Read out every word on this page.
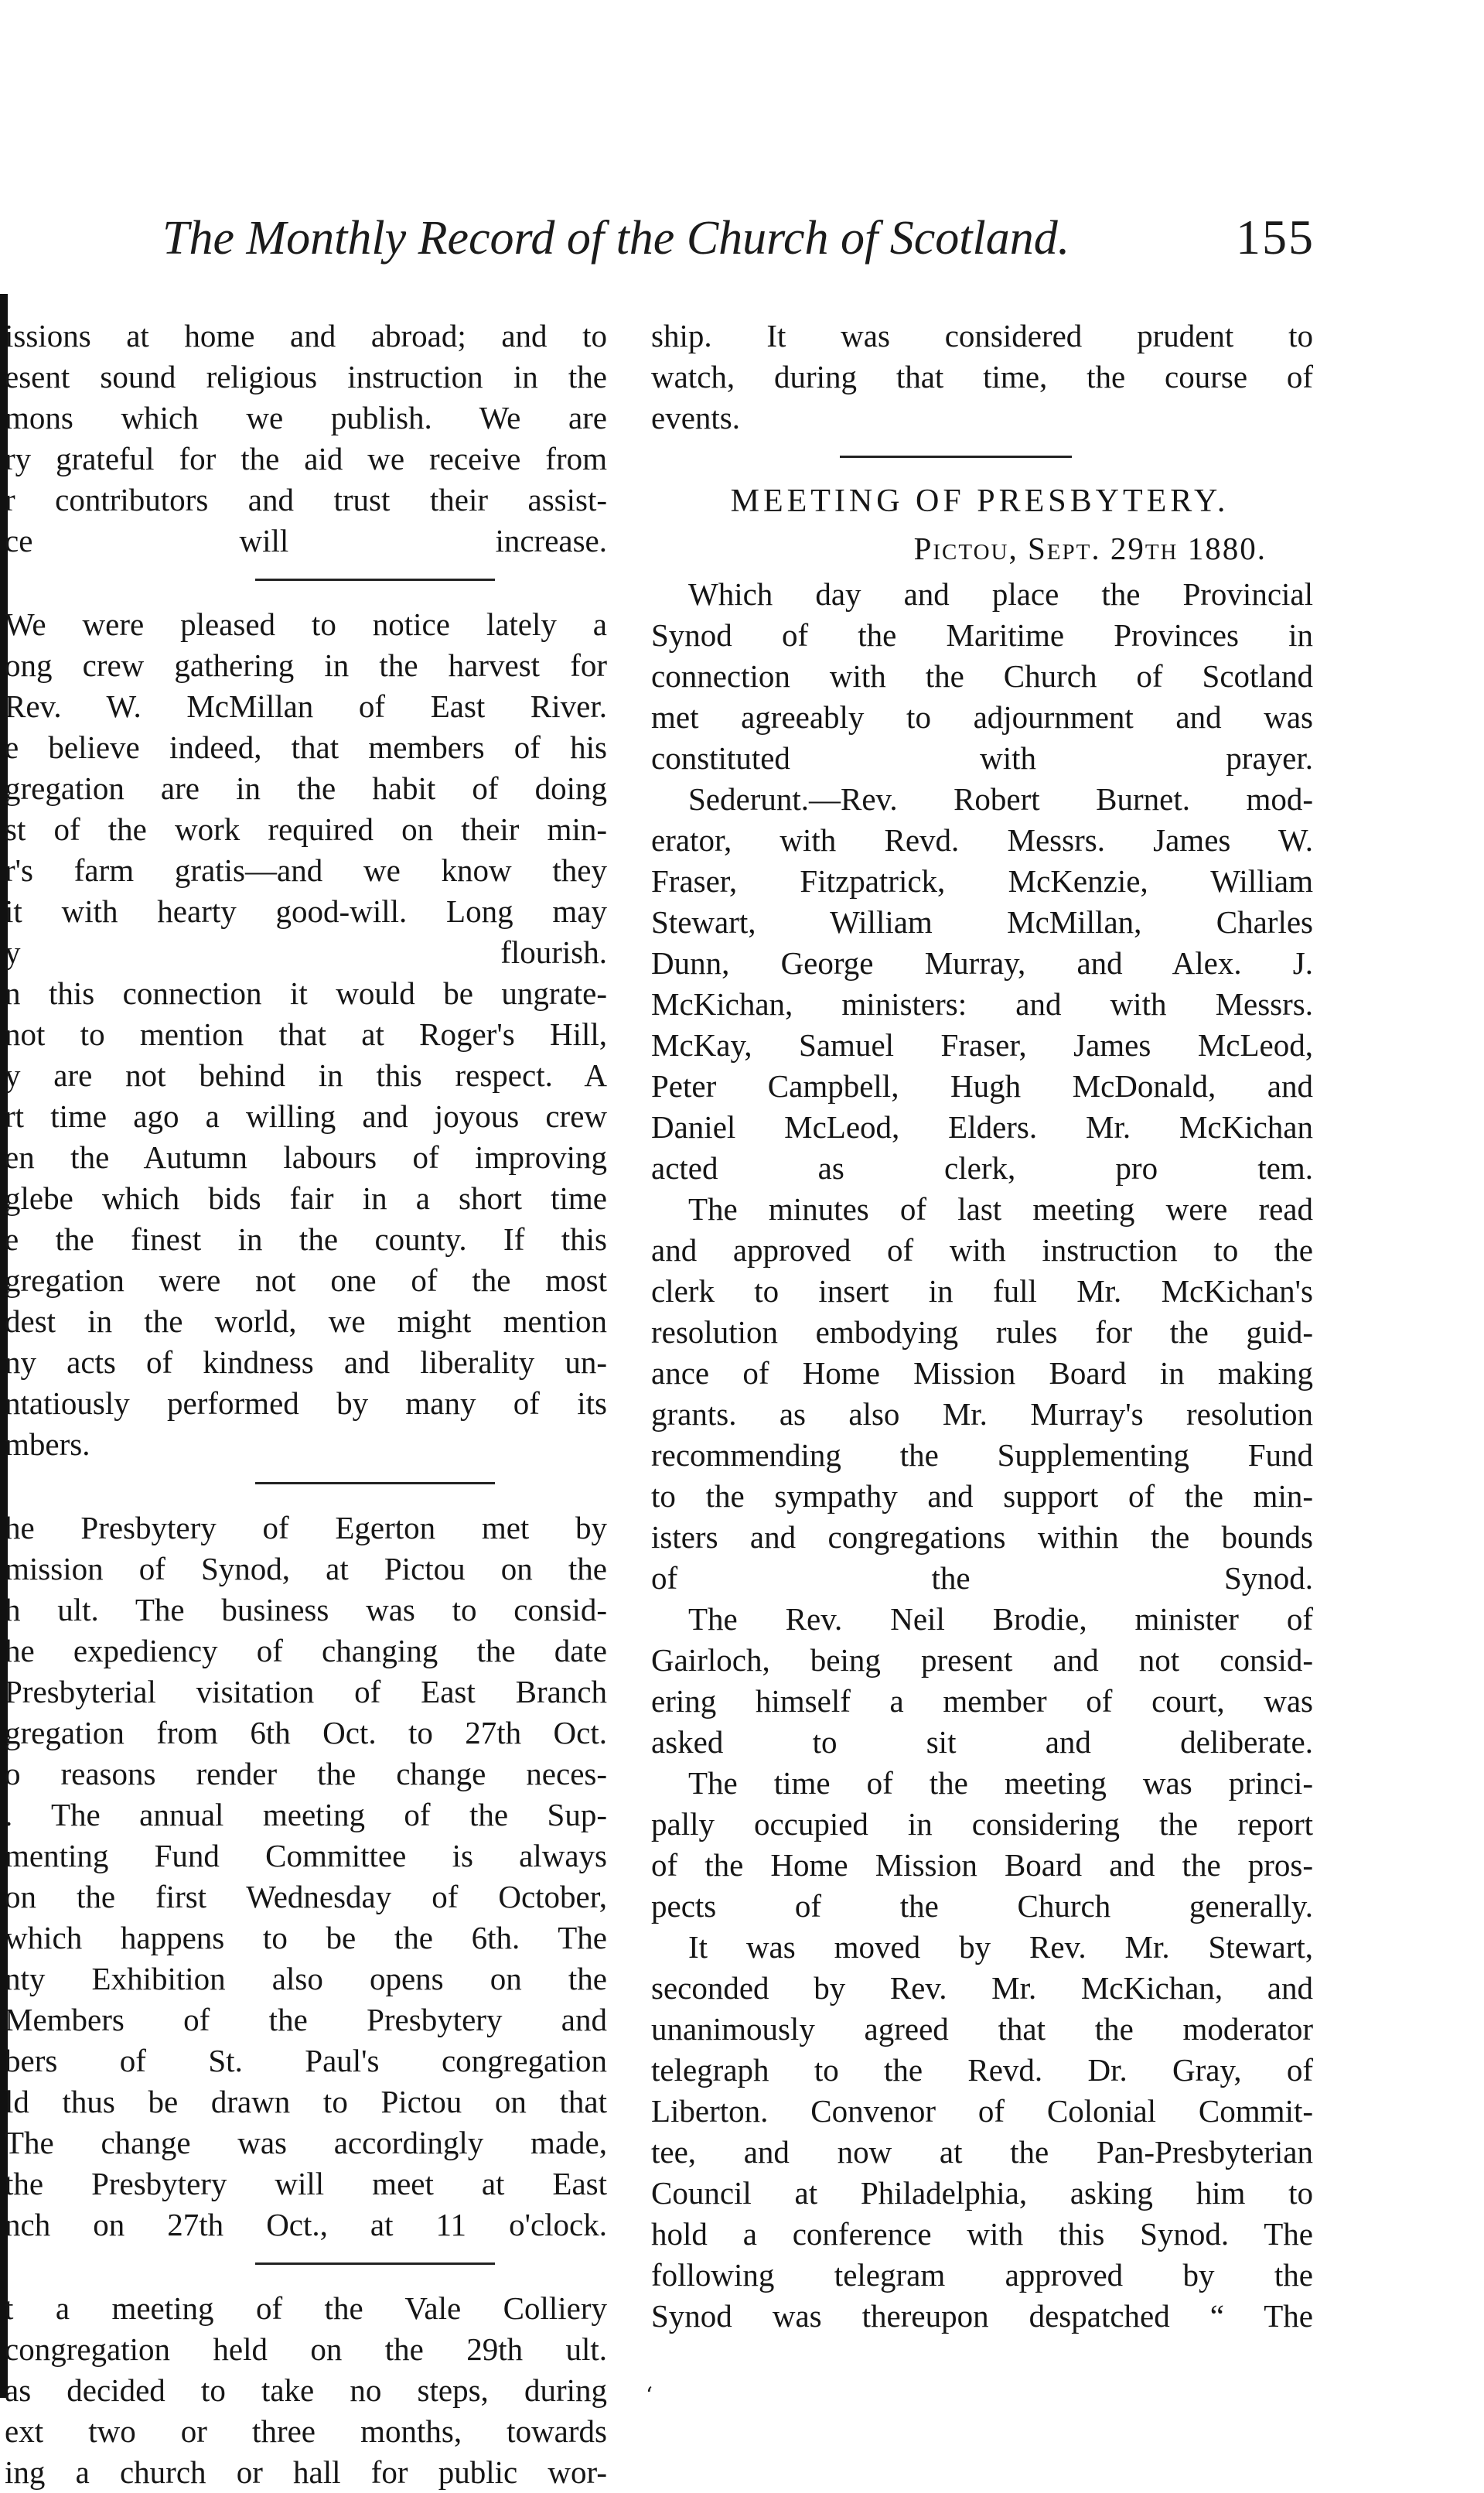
The Monthly Record of the Church of Scotland.	155

issions at home and abroad; and to
esent sound religious instruction in the
mons which we publish. We are
ry grateful for the aid we receive from
r contributors and trust their assist-
ce will increase.

We were pleased to notice lately a
ong crew gathering in the harvest for
Rev. W. McMillan of East River.
e believe indeed, that members of his
gregation are in the habit of doing
st of the work required on their min-
r's farm gratis—and we know they
it with hearty good-will. Long may
y flourish.

n this connection it would be ungrate-
not to mention that at Roger's Hill,
y are not behind in this respect. A
rt time ago a willing and joyous crew
en the Autumn labours of improving
glebe which bids fair in a short time
e the finest in the county. If this
gregation were not one of the most
dest in the world, we might mention
ny acts of kindness and liberality un-
ntatiously performed by many of its
mbers.

he Presbytery of Egerton met by
mission of Synod, at Pictou on the
h ult. The business was to consid-
he expediency of changing the date
Presbyterial visitation of East Branch
gregation from 6th Oct. to 27th Oct.
o reasons render the change neces-
. The annual meeting of the Sup-
menting Fund Committee is always
on the first Wednesday of October,
which happens to be the 6th. The
nty Exhibition also opens on the
Members of the Presbytery and
bers of St. Paul's congregation
ld thus be drawn to Pictou on that
The change was accordingly made,
the Presbytery will meet at East
nch on 27th Oct., at 11 o'clock.

t a meeting of the Vale Colliery
congregation held on the 29th ult.
as decided to take no steps, during
ext two or three months, towards
ing a church or hall for public wor-

ship. It was considered prudent to
watch, during that time, the course of
events.

MEETING OF PRESBYTERY.
Pictou, Sept. 29th 1880.

Which day and place the Provincial
Synod of the Maritime Provinces in
connection with the Church of Scotland
met agreeably to adjournment and was
constituted with prayer.

Sederunt.—Rev. Robert Burnet. mod-
erator, with Revd. Messrs. James W.
Fraser, Fitzpatrick, McKenzie, William
Stewart, William McMillan, Charles
Dunn, George Murray, and Alex. J.
McKichan, ministers: and with Messrs.
McKay, Samuel Fraser, James McLeod,
Peter Campbell, Hugh McDonald, and
Daniel McLeod, Elders. Mr. McKichan
acted as clerk, pro tem.

The minutes of last meeting were read
and approved of with instruction to the
clerk to insert in full Mr. McKichan's
resolution embodying rules for the guid-
ance of Home Mission Board in making
grants. as also Mr. Murray's resolution
recommending the Supplementing Fund
to the sympathy and support of the min-
isters and congregations within the bounds
of the Synod.

The Rev. Neil Brodie, minister of
Gairloch, being present and not consid-
ering himself a member of court, was
asked to sit and deliberate.

The time of the meeting was princi-
pally occupied in considering the report
of the Home Mission Board and the pros-
pects of the Church generally.

It was moved by Rev. Mr. Stewart,
seconded by Rev. Mr. McKichan, and
unanimously agreed that the moderator
telegraph to the Revd. Dr. Gray, of
Liberton. Convenor of Colonial Commit-
tee, and now at the Pan-Presbyterian
Council at Philadelphia, asking him to
hold a conference with this Synod. The
following telegram approved by the
Synod was thereupon despatched “ The

‘
